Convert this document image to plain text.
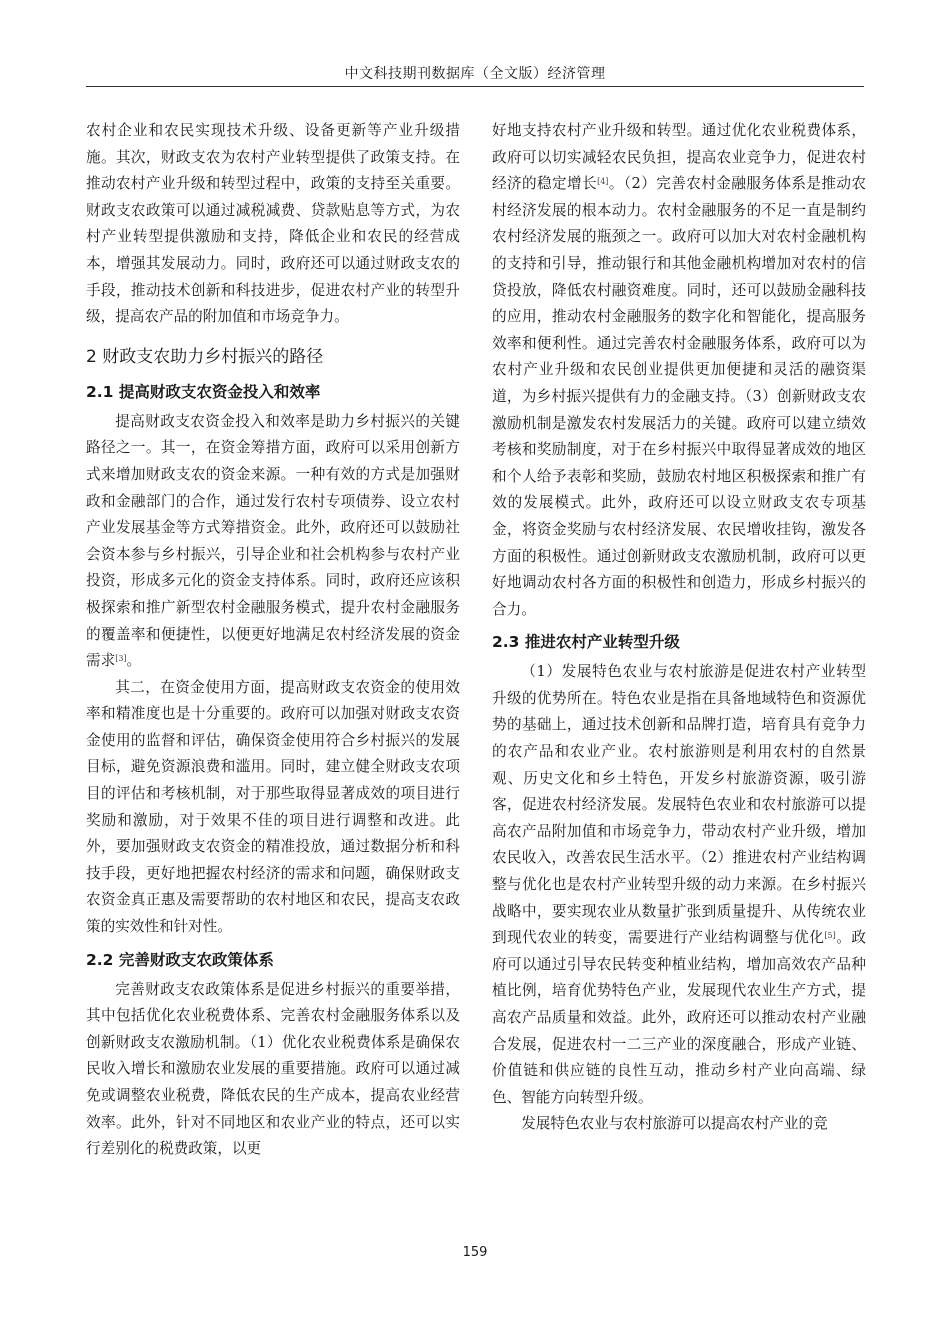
中文科技期刊数据库（全文版）经济管理

农村企业和农民实现技术升级、设备更新等产业升级措施。其次，财政支农为农村产业转型提供了政策支持。在推动农村产业升级和转型过程中，政策的支持至关重要。财政支农政策可以通过减税减费、贷款贴息等方式，为农村产业转型提供激励和支持，降低企业和农民的经营成本，增强其发展动力。同时，政府还可以通过财政支农的手段，推动技术创新和科技进步，促进农村产业的转型升级，提高农产品的附加值和市场竞争力。

2 财政支农助力乡村振兴的路径
2.1 提高财政支农资金投入和效率

提高财政支农资金投入和效率是助力乡村振兴的关键路径之一。其一，在资金筹措方面，政府可以采用创新方式来增加财政支农的资金来源。一种有效的方式是加强财政和金融部门的合作，通过发行农村专项债券、设立农村产业发展基金等方式筹措资金。此外，政府还可以鼓励社会资本参与乡村振兴，引导企业和社会机构参与农村产业投资，形成多元化的资金支持体系。同时，政府还应该积极探索和推广新型农村金融服务模式，提升农村金融服务的覆盖率和便捷性，以便更好地满足农村经济发展的资金需求[3]。

其二，在资金使用方面，提高财政支农资金的使用效率和精准度也是十分重要的。政府可以加强对财政支农资金使用的监督和评估，确保资金使用符合乡村振兴的发展目标，避免资源浪费和滥用。同时，建立健全财政支农项目的评估和考核机制，对于那些取得显著成效的项目进行奖励和激励，对于效果不佳的项目进行调整和改进。此外，要加强财政支农资金的精准投放，通过数据分析和科技手段，更好地把握农村经济的需求和问题，确保财政支农资金真正惠及需要帮助的农村地区和农民，提高支农政策的实效性和针对性。

2.2 完善财政支农政策体系

完善财政支农政策体系是促进乡村振兴的重要举措，其中包括优化农业税费体系、完善农村金融服务体系以及创新财政支农激励机制。（1）优化农业税费体系是确保农民收入增长和激励农业发展的重要措施。政府可以通过减免或调整农业税费，降低农民的生产成本，提高农业经营效率。此外，针对不同地区和农业产业的特点，还可以实行差别化的税费政策，以更

好地支持农村产业升级和转型。通过优化农业税费体系，政府可以切实减轻农民负担，提高农业竞争力，促进农村经济的稳定增长[4]。（2）完善农村金融服务体系是推动农村经济发展的根本动力。农村金融服务的不足一直是制约农村经济发展的瓶颈之一。政府可以加大对农村金融机构的支持和引导，推动银行和其他金融机构增加对农村的信贷投放，降低农村融资难度。同时，还可以鼓励金融科技的应用，推动农村金融服务的数字化和智能化，提高服务效率和便利性。通过完善农村金融服务体系，政府可以为农村产业升级和农民创业提供更加便捷和灵活的融资渠道，为乡村振兴提供有力的金融支持。（3）创新财政支农激励机制是激发农村发展活力的关键。政府可以建立绩效考核和奖励制度，对于在乡村振兴中取得显著成效的地区和个人给予表彰和奖励，鼓励农村地区积极探索和推广有效的发展模式。此外，政府还可以设立财政支农专项基金，将资金奖励与农村经济发展、农民增收挂钩，激发各方面的积极性。通过创新财政支农激励机制，政府可以更好地调动农村各方面的积极性和创造力，形成乡村振兴的合力。

2.3 推进农村产业转型升级

（1）发展特色农业与农村旅游是促进农村产业转型升级的优势所在。特色农业是指在具备地域特色和资源优势的基础上，通过技术创新和品牌打造，培育具有竞争力的农产品和农业产业。农村旅游则是利用农村的自然景观、历史文化和乡土特色，开发乡村旅游资源，吸引游客，促进农村经济发展。发展特色农业和农村旅游可以提高农产品附加值和市场竞争力，带动农村产业升级，增加农民收入，改善农民生活水平。（2）推进农村产业结构调整与优化也是农村产业转型升级的动力来源。在乡村振兴战略中，要实现农业从数量扩张到质量提升、从传统农业到现代农业的转变，需要进行产业结构调整与优化[5]。政府可以通过引导农民转变种植业结构，增加高效农产品种植比例，培育优势特色产业，发展现代农业生产方式，提高农产品质量和效益。此外，政府还可以推动农村产业融合发展，促进农村一二三产业的深度融合，形成产业链、价值链和供应链的良性互动，推动乡村产业向高端、绿色、智能方向转型升级。

发展特色农业与农村旅游可以提高农村产业的竞

159
